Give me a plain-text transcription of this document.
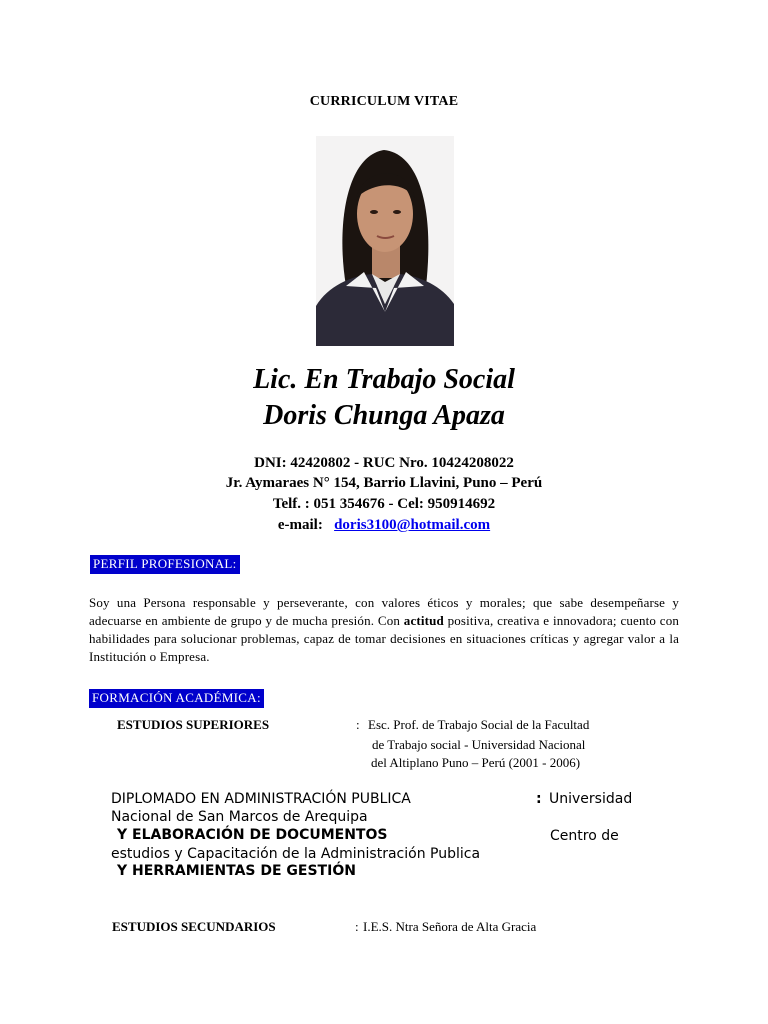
CURRICULUM VITAE
Lic. En Trabajo Social
Doris Chunga Apaza
DNI: 42420802 - RUC Nro. 10424208022
Jr. Aymaraes N° 154, Barrio Llavini, Puno – Perú
Telf. : 051 354676 - Cel: 950914692
e-mail: doris3100@hotmail.com
PERFIL PROFESIONAL:
Soy una Persona responsable y perseverante, con valores éticos y morales; que sabe desempeñarse y adecuarse en ambiente de grupo y de mucha presión. Con actitud positiva, creativa e innovadora; cuento con habilidades para solucionar problemas, capaz de tomar decisiones en situaciones críticas y agregar valor a la Institución o Empresa.
FORMACIÓN ACADÉMICA:
ESTUDIOS SUPERIORES	: Esc. Prof. de Trabajo Social de la Facultad
de Trabajo social - Universidad Nacional
del Altiplano Puno – Perú (2001 - 2006)
DIPLOMADO EN ADMINISTRACIÓN PUBLICA	: Universidad
Nacional de San Marcos de Arequipa
Y ELABORACIÓN DE DOCUMENTOS	Centro de
estudios y Capacitación de la Administración Publica
Y HERRAMIENTAS DE GESTIÓN
ESTUDIOS SECUNDARIOS	: I.E.S. Ntra Señora de Alta Gracia
